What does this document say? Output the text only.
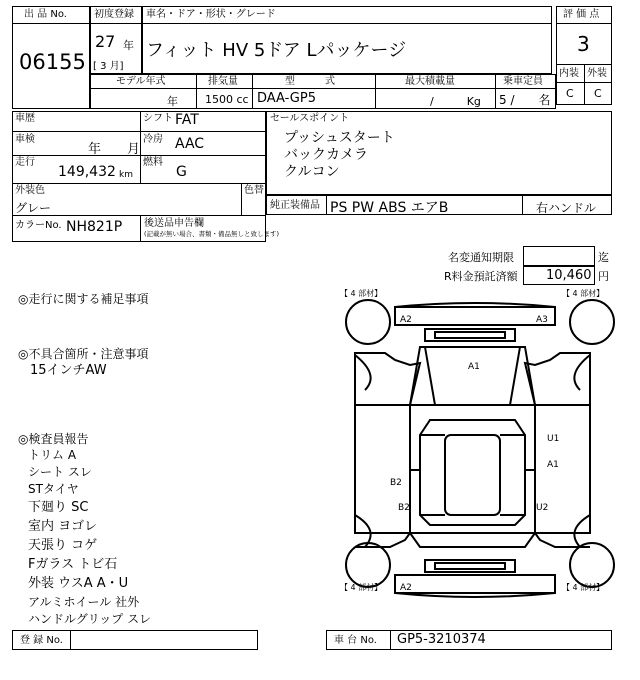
出 品 No.
06155
初度登録
27 年
[ 3 月]
車名・ドア・形状・グレード
フィット HV 5ドア Lパッケージ
評 価 点
3
内装 外装
C C
モデル年式	排気量	型　　　式	最大積載量	乗車定員
年 1500 cc DAA-GP5	/　　　Kg 5 /　　名
車歴	シフト FAT
車検
年　　月
冷房 AAC
走行
149,432 km
燃料
G
外装色
グレー
色替
カラーNo. NH821P 後送品申告欄
(記載が無い場合、書類・備品無しと致します)
セールスポイント
プッシュスタート
バックカメラ
クルコン
純正装備品 PS PW ABS エアB	右ハンドル
名変通知期限	迄
R料金預託済額 10,460 円
◎走行に関する補足事項
◎不具合箇所・注意事項
15インチAW
◎検査員報告
トリム A
シート スレ
STタイヤ
下廻り SC
室内 ヨゴレ
天張り コゲ
Fガラス トビ石
外装 ウスA A・U
アルミホイール 社外
ハンドルグリップ スレ
【 4 部材】	【 4 部材】
【 4 部材】	【 4 部材】
A2	A3
A1
U1
A1
B2
B2	U2
A2
登 録 No.	車 台 No. GP5-3210374
